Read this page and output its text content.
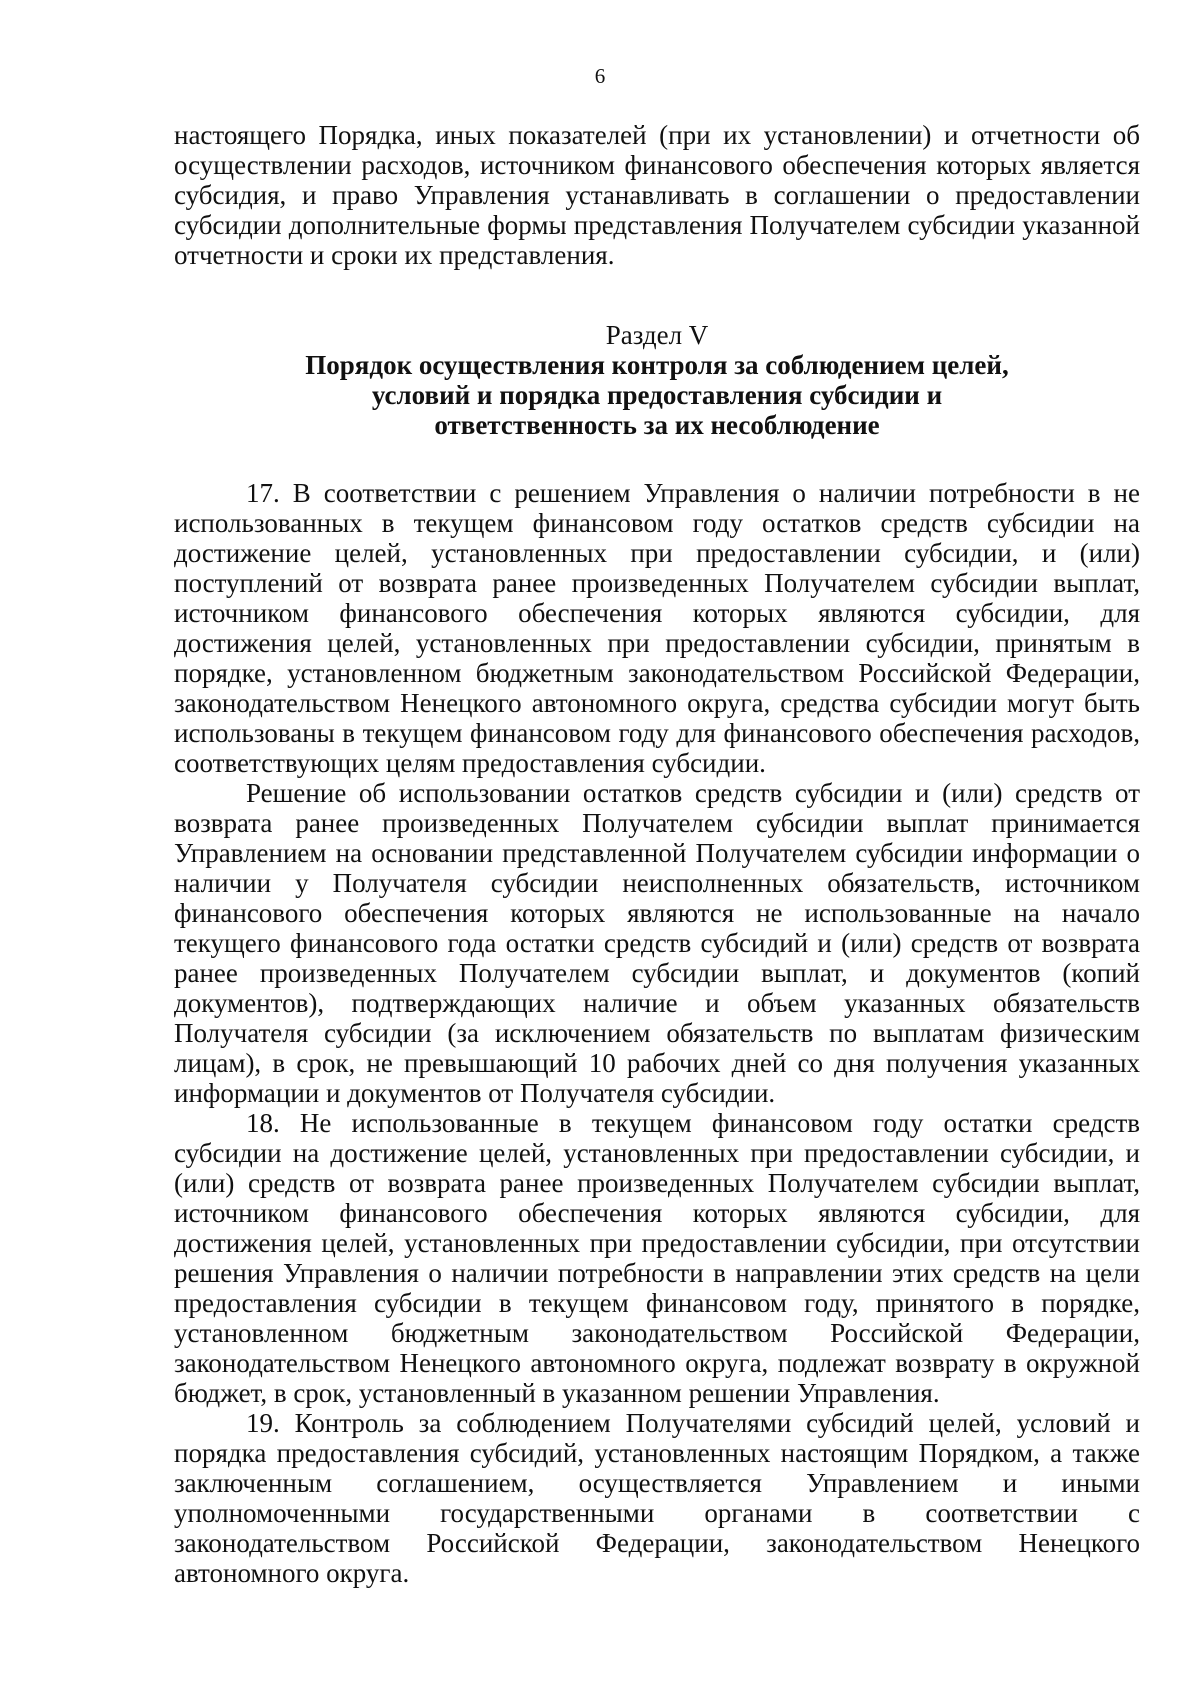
6

настоящего Порядка, иных показателей (при их установлении) и отчетности об осуществлении расходов, источником финансового обеспечения которых является субсидия, и право Управления устанавливать в соглашении о предоставлении субсидии дополнительные формы представления Получателем субсидии указанной отчетности и сроки их представления.

Раздел V
Порядок осуществления контроля за соблюдением целей, условий и порядка предоставления субсидии и ответственность за их несоблюдение

17. В соответствии с решением Управления о наличии потребности в не использованных в текущем финансовом году остатков средств субсидии на достижение целей, установленных при предоставлении субсидии, и (или) поступлений от возврата ранее произведенных Получателем субсидии выплат, источником финансового обеспечения которых являются субсидии, для достижения целей, установленных при предоставлении субсидии, принятым в порядке, установленном бюджетным законодательством Российской Федерации, законодательством Ненецкого автономного округа, средства субсидии могут быть использованы в текущем финансовом году для финансового обеспечения расходов, соответствующих целям предоставления субсидии.

Решение об использовании остатков средств субсидии и (или) средств от возврата ранее произведенных Получателем субсидии выплат принимается Управлением на основании представленной Получателем субсидии информации о наличии у Получателя субсидии неисполненных обязательств, источником финансового обеспечения которых являются не использованные на начало текущего финансового года остатки средств субсидий и (или) средств от возврата ранее произведенных Получателем субсидии выплат, и документов (копий документов), подтверждающих наличие и объем указанных обязательств Получателя субсидии (за исключением обязательств по выплатам физическим лицам), в срок, не превышающий 10 рабочих дней со дня получения указанных информации и документов от Получателя субсидии.

18. Не использованные в текущем финансовом году остатки средств субсидии на достижение целей, установленных при предоставлении субсидии, и (или) средств от возврата ранее произведенных Получателем субсидии выплат, источником финансового обеспечения которых являются субсидии, для достижения целей, установленных при предоставлении субсидии, при отсутствии решения Управления о наличии потребности в направлении этих средств на цели предоставления субсидии в текущем финансовом году, принятого в порядке, установленном бюджетным законодательством Российской Федерации, законодательством Ненецкого автономного округа, подлежат возврату в окружной бюджет, в срок, установленный в указанном решении Управления.

19. Контроль за соблюдением Получателями субсидий целей, условий и порядка предоставления субсидий, установленных настоящим Порядком, а также заключенным соглашением, осуществляется Управлением и иными уполномоченными государственными органами в соответствии с законодательством Российской Федерации, законодательством Ненецкого автономного округа.
